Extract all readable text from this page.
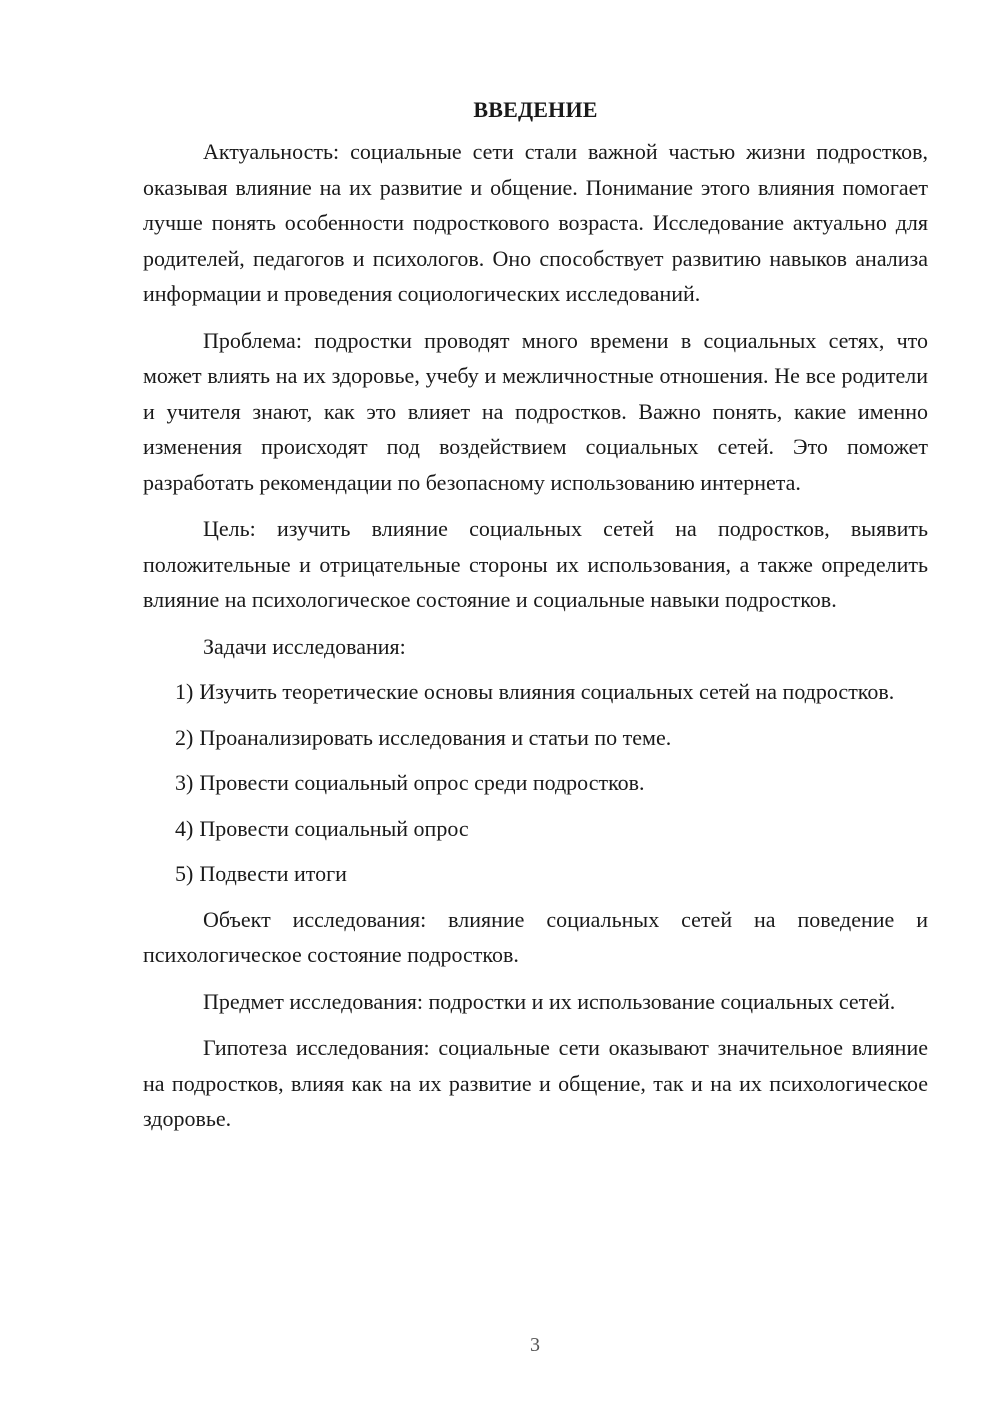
ВВЕДЕНИЕ

Актуальность: социальные сети стали важной частью жизни подростков, оказывая влияние на их развитие и общение. Понимание этого влияния помогает лучше понять особенности подросткового возраста. Исследование актуально для родителей, педагогов и психологов. Оно способствует развитию навыков анализа информации и проведения социологических исследований.

Проблема: подростки проводят много времени в социальных сетях, что может влиять на их здоровье, учебу и межличностные отношения. Не все родители и учителя знают, как это влияет на подростков. Важно понять, какие именно изменения происходят под воздействием социальных сетей. Это поможет разработать рекомендации по безопасному использованию интернета.

Цель: изучить влияние социальных сетей на подростков, выявить положительные и отрицательные стороны их использования, а также определить влияние на психологическое состояние и социальные навыки подростков.

Задачи исследования:

1) Изучить теоретические основы влияния социальных сетей на подростков.

2) Проанализировать исследования и статьи по теме.

3) Провести социальный опрос среди подростков.

4) Провести социальный опрос

5) Подвести итоги

Объект исследования: влияние социальных сетей на поведение и психологическое состояние подростков.

Предмет исследования: подростки и их использование социальных сетей.

Гипотеза исследования: социальные сети оказывают значительное влияние на подростков, влияя как на их развитие и общение, так и на их психологическое здоровье.

3
